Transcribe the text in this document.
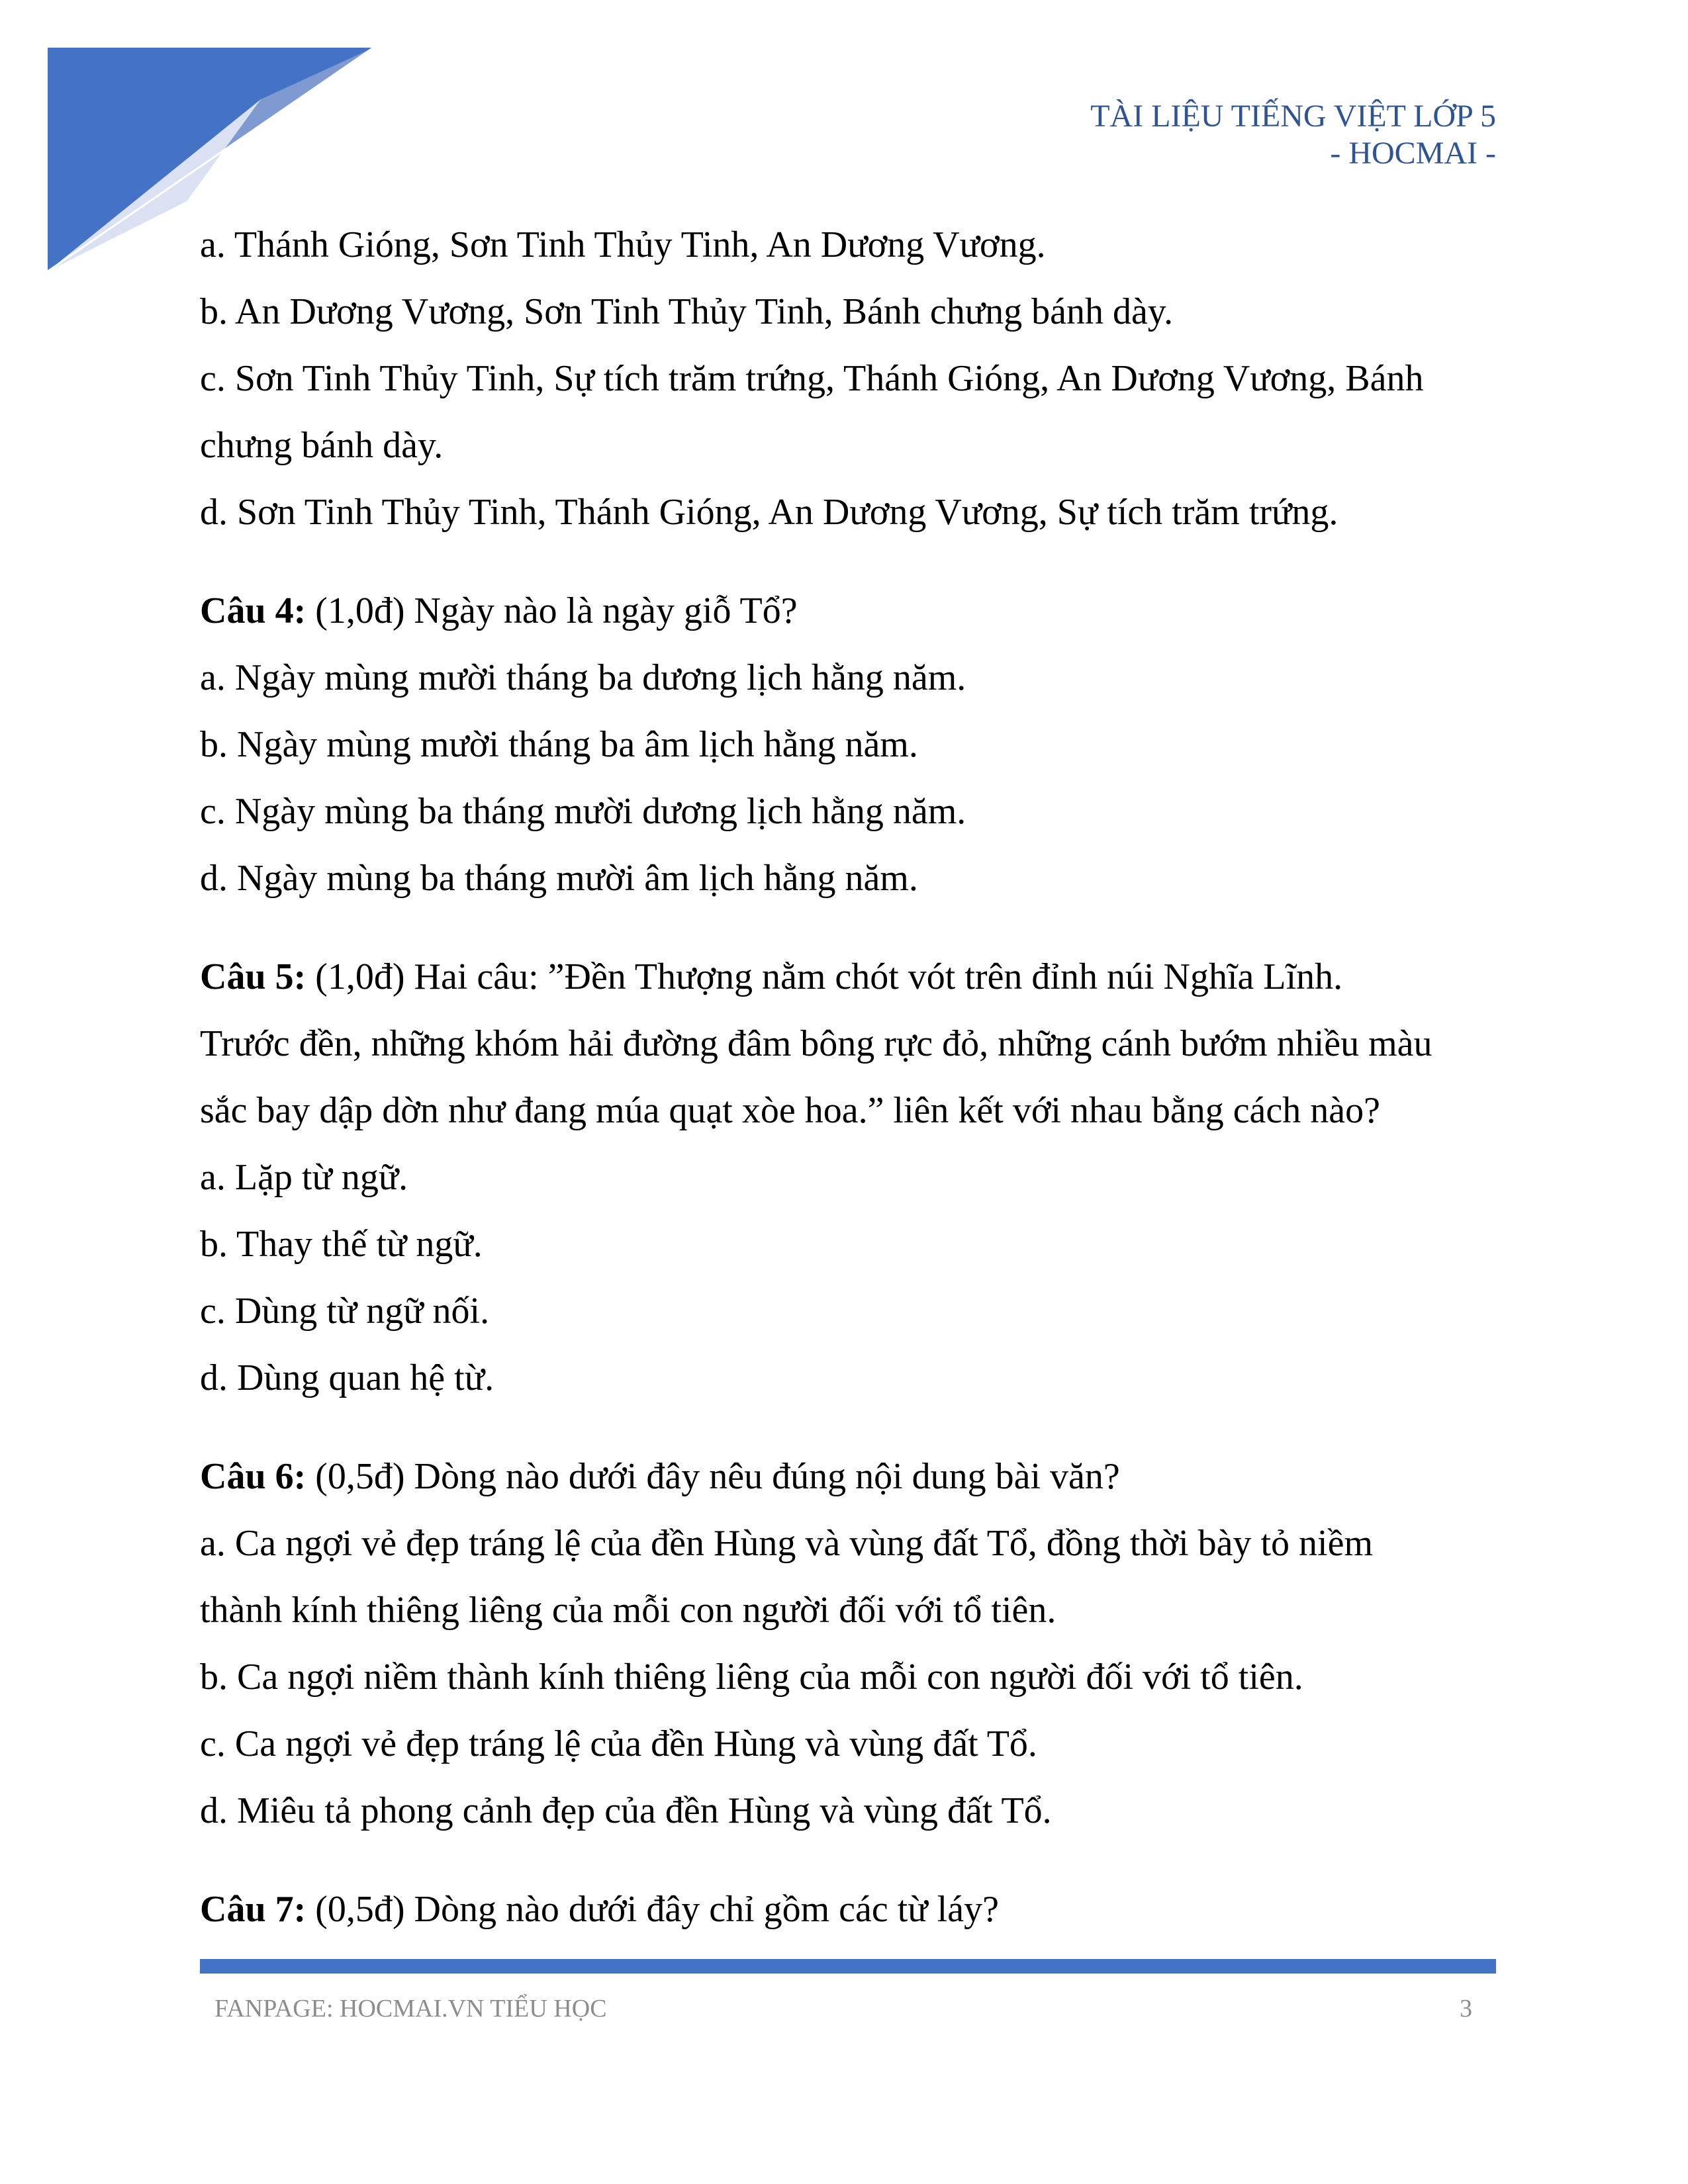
TÀI LIỆU TIẾNG VIỆT LỚP 5
- HOCMAI -
a. Thánh Gióng, Sơn Tinh Thủy Tinh, An Dương Vương.
b. An Dương Vương, Sơn Tinh Thủy Tinh, Bánh chưng bánh dày.
c. Sơn Tinh Thủy Tinh, Sự tích trăm trứng, Thánh Gióng, An Dương Vương, Bánh
chưng bánh dày.
d. Sơn Tinh Thủy Tinh, Thánh Gióng, An Dương Vương, Sự tích trăm trứng.
Câu 4: (1,0đ) Ngày nào là ngày giỗ Tổ?
a. Ngày mùng mười tháng ba dương lịch hằng năm.
b. Ngày mùng mười tháng ba âm lịch hằng năm.
c. Ngày mùng ba tháng mười dương lịch hằng năm.
d. Ngày mùng ba tháng mười âm lịch hằng năm.
Câu 5: (1,0đ) Hai câu: ”Đền Thượng nằm chót vót trên đỉnh núi Nghĩa Lĩnh.
Trước đền, những khóm hải đường đâm bông rực đỏ, những cánh bướm nhiều màu
sắc bay dập dờn như đang múa quạt xòe hoa.” liên kết với nhau bằng cách nào?
a. Lặp từ ngữ.
b. Thay thế từ ngữ.
c. Dùng từ ngữ nối.
d. Dùng quan hệ từ.
Câu 6: (0,5đ) Dòng nào dưới đây nêu đúng nội dung bài văn?
a. Ca ngợi vẻ đẹp tráng lệ của đền Hùng và vùng đất Tổ, đồng thời bày tỏ niềm
thành kính thiêng liêng của mỗi con người đối với tổ tiên.
b. Ca ngợi niềm thành kính thiêng liêng của mỗi con người đối với tổ tiên.
c. Ca ngợi vẻ đẹp tráng lệ của đền Hùng và vùng đất Tổ.
d. Miêu tả phong cảnh đẹp của đền Hùng và vùng đất Tổ.
Câu 7: (0,5đ) Dòng nào dưới đây chỉ gồm các từ láy?
FANPAGE: HOCMAI.VN TIỂU HỌC	3
